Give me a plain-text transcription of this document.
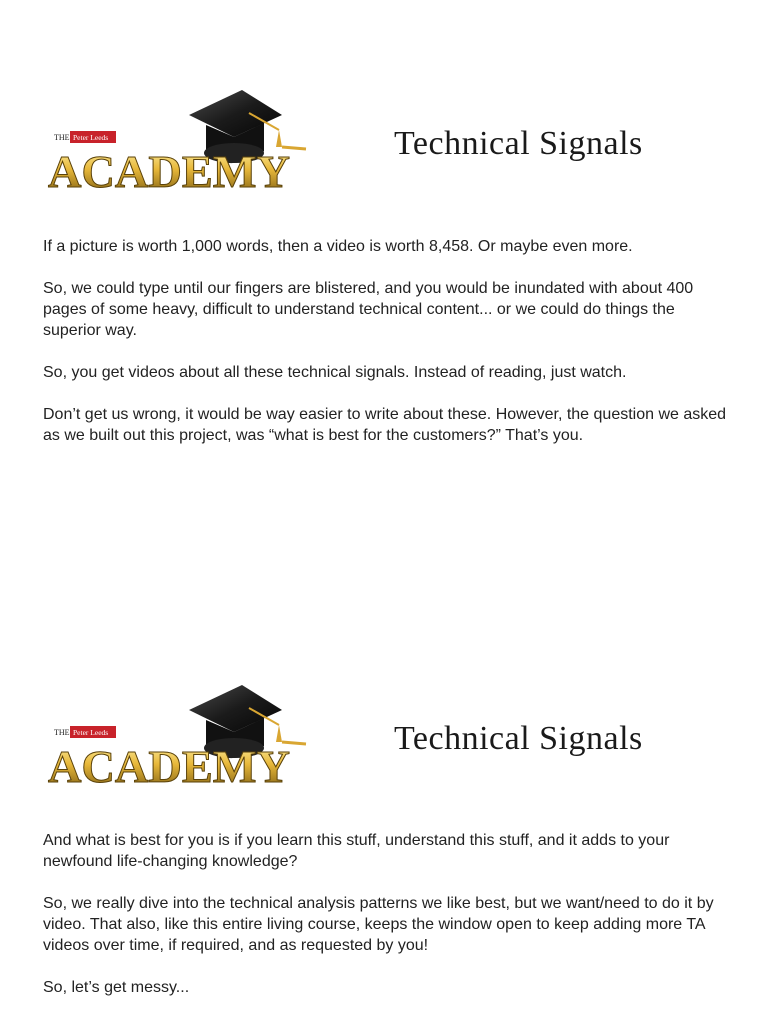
THE Peter Leeds
ACADEMY
Technical Signals

If a picture is worth 1,000 words, then a video is worth 8,458. Or maybe even more.

So, we could type until our fingers are blistered, and you would be inundated with about 400 pages of some heavy, difficult to understand technical content... or we could do things the superior way.

So, you get videos about all these technical signals. Instead of reading, just watch.

Don’t get us wrong, it would be way easier to write about these. However, the question we asked as we built out this project, was “what is best for the customers?” That’s you.

THE Peter Leeds
ACADEMY
Technical Signals

And what is best for you is if you learn this stuff, understand this stuff, and it adds to your newfound life-changing knowledge?

So, we really dive into the technical analysis patterns we like best, but we want/need to do it by video. That also, like this entire living course, keeps the window open to keep adding more TA videos over time, if required, and as requested by you!

So, let’s get messy...
